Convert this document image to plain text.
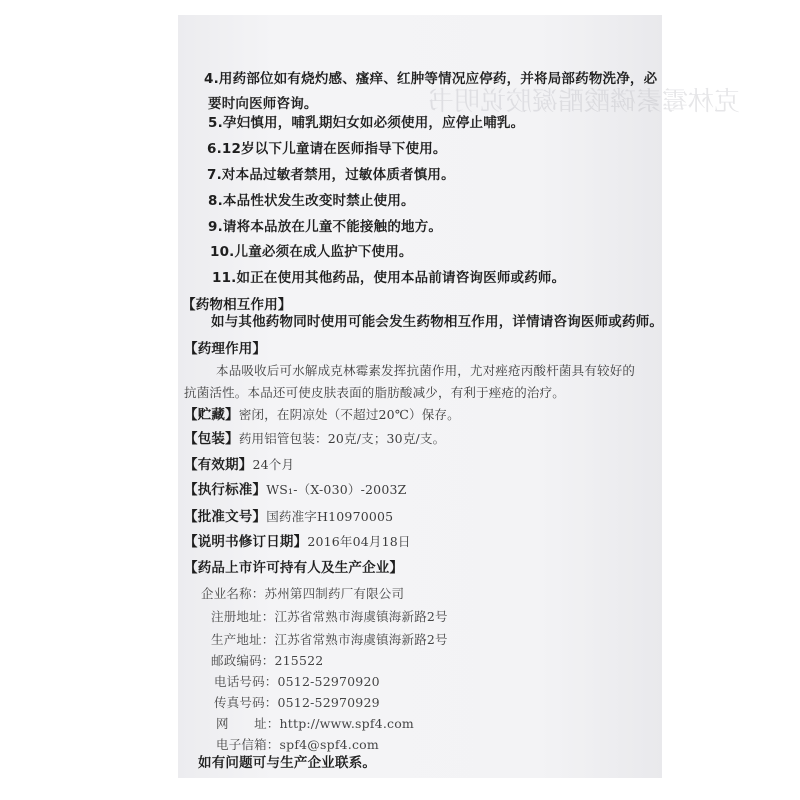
克林霉素磷酸酯凝胶说明书
4.用药部位如有烧灼感、瘙痒、红肿等情况应停药，并将局部药物洗净，必
要时向医师咨询。
5.孕妇慎用，哺乳期妇女如必须使用，应停止哺乳。
6.12岁以下儿童请在医师指导下使用。
7.对本品过敏者禁用，过敏体质者慎用。
8.本品性状发生改变时禁止使用。
9.请将本品放在儿童不能接触的地方。
10.儿童必须在成人监护下使用。
11.如正在使用其他药品，使用本品前请咨询医师或药师。
【药物相互作用】
如与其他药物同时使用可能会发生药物相互作用，详情请咨询医师或药师。
【药理作用】
本品吸收后可水解成克林霉素发挥抗菌作用，尤对痤疮丙酸杆菌具有较好的
抗菌活性。本品还可使皮肤表面的脂肪酸减少，有利于痤疮的治疗。
【贮藏】密闭，在阴凉处（不超过20℃）保存。
【包装】药用铝管包装：20克/支；30克/支。
【有效期】24个月
【执行标准】WS₁-（X-030）-2003Z
【批准文号】国药准字H10970005
【说明书修订日期】2016年04月18日
【药品上市许可持有人及生产企业】
企业名称：苏州第四制药厂有限公司
注册地址：江苏省常熟市海虞镇海新路2号
生产地址：江苏省常熟市海虞镇海新路2号
邮政编码：215522
电话号码：0512-52970920
传真号码：0512-52970929
网　　址：http://www.spf4.com
电子信箱：spf4@spf4.com
如有问题可与生产企业联系。
